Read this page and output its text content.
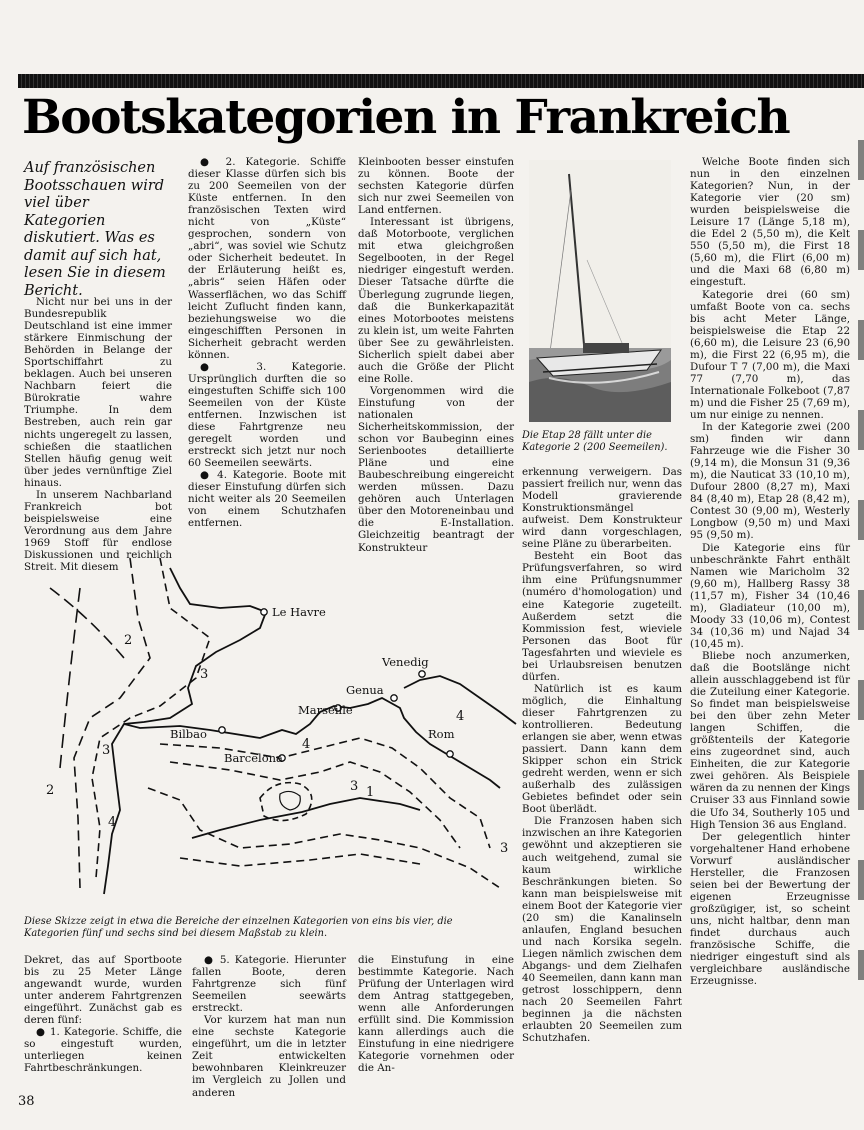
Bootskategorien in Frankreich

Auf französischen Bootsschauen wird viel über Kategorien diskutiert. Was es damit auf sich hat, lesen Sie in diesem Bericht.

Nicht nur bei uns in der Bundesrepublik Deutschland ist eine immer stärkere Einmischung der Behörden in Belange der Sportschiffahrt zu beklagen. Auch bei unseren Nachbarn feiert die Bürokratie wahre Triumphe. In dem Bestreben, auch rein gar nichts ungeregelt zu lassen, schießen die staatlichen Stellen häufig genug weit über jedes vernünftige Ziel hinaus.

In unserem Nachbarland Frankreich bot beispielsweise eine Verordnung aus dem Jahre 1969 Stoff für endlose Diskussionen und reichlich Streit. Mit diesem

● 2. Kategorie. Schiffe dieser Klasse dürfen sich bis zu 200 Seemeilen von der Küste entfernen. In den französischen Texten wird nicht von „Küste“ gesprochen, sondern von „abri“, was soviel wie Schutz oder Sicherheit bedeutet. In der Erläuterung heißt es, „abris“ seien Häfen oder Wasserflächen, wo das Schiff leicht Zuflucht finden kann, beziehungsweise wo die eingeschifften Personen in Sicherheit gebracht werden können.

● 3. Kategorie. Ursprünglich durften die so eingestuften Schiffe sich 100 Seemeilen von der Küste entfernen. Inzwischen ist diese Fahrtgrenze neu geregelt worden und erstreckt sich jetzt nur noch 60 Seemeilen seewärts.

● 4. Kategorie. Boote mit dieser Einstufung dürfen sich nicht weiter als 20 Seemeilen von einem Schutzhafen entfernen.

Kleinbooten besser einstufen zu können. Boote der sechsten Kategorie dürfen sich nur zwei Seemeilen von Land entfernen.

Interessant ist übrigens, daß Motorboote, verglichen mit etwa gleichgroßen Segelbooten, in der Regel niedriger eingestuft werden. Dieser Tatsache dürfte die Überlegung zugrunde liegen, daß die Bunkerkapazität eines Motorbootes meistens zu klein ist, um weite Fahrten über See zu gewährleisten. Sicherlich spielt dabei aber auch die Größe der Plicht eine Rolle.

Vorgenommen wird die Einstufung von der nationalen Sicherheitskommission, der schon vor Baubeginn eines Serienbootes detaillierte Pläne und eine Baubeschreibung eingereicht werden müssen. Dazu gehören auch Unterlagen über den Motoreneinbau und die E-Installation. Gleichzeitig beantragt der Konstrukteur

Die Etap 28 fällt unter die Kategorie 2 (200 Seemeilen).

erkennung verweigern. Das passiert freilich nur, wenn das Modell gravierende Konstruktionsmängel aufweist. Dem Konstrukteur wird dann vorgeschlagen, seine Pläne zu überarbeiten.

Besteht ein Boot das Prüfungsverfahren, so wird ihm eine Prüfungsnummer (numéro d'homologation) und eine Kategorie zugeteilt. Außerdem setzt die Kommission fest, wieviele Personen das Boot für Tagesfahrten und wieviele es bei Urlaubsreisen benutzen dürfen.

Natürlich ist es kaum möglich, die Einhaltung dieser Fahrtgrenzen zu kontrollieren. Bedeutung erlangen sie aber, wenn etwas passiert. Dann kann dem Skipper schon ein Strick gedreht werden, wenn er sich außerhalb des zulässigen Gebietes befindet oder sein Boot überlädt.

Die Franzosen haben sich inzwischen an ihre Kategorien gewöhnt und akzeptieren sie auch weitgehend, zumal sie kaum wirkliche Beschränkungen bieten. So kann man beispielsweise mit einem Boot der Kategorie vier (20 sm) die Kanalinseln anlaufen, England besuchen und nach Korsika segeln. Liegen nämlich zwischen dem Abgangs- und dem Zielhafen 40 Seemeilen, dann kann man getrost losschippern, denn nach 20 Seemeilen Fahrt beginnen ja die nächsten erlaubten 20 Seemeilen zum Schutzhafen.

Welche Boote finden sich nun in den einzelnen Kategorien? Nun, in der Kategorie vier (20 sm) wurden beispielsweise die Leisure 17 (Länge 5,18 m), die Edel 2 (5,50 m), die Kelt 550 (5,50 m), die First 18 (5,60 m), die Flirt (6,00 m) und die Maxi 68 (6,80 m) eingestuft.

Kategorie drei (60 sm) umfaßt Boote von ca. sechs bis acht Meter Länge, beispielsweise die Etap 22 (6,60 m), die Leisure 23 (6,90 m), die First 22 (6,95 m), die Dufour T 7 (7,00 m), die Maxi 77 (7,70 m), das Internationale Folkeboot (7,87 m) und die Fisher 25 (7,69 m), um nur einige zu nennen.

In der Kategorie zwei (200 sm) finden wir dann Fahrzeuge wie die Fisher 30 (9,14 m), die Monsun 31 (9,36 m), die Nauticat 33 (10,10 m), Dufour 2800 (8,27 m), Maxi 84 (8,40 m), Etap 28 (8,42 m), Contest 30 (9,00 m), Westerly Longbow (9,50 m) und Maxi 95 (9,50 m).

Die Kategorie eins für unbeschränkte Fahrt enthält Namen wie Maricholm 32 (9,60 m), Hallberg Rassy 38 (11,57 m), Fisher 34 (10,46 m), Gladiateur (10,00 m), Moody 33 (10,06 m), Contest 34 (10,36 m) und Najad 34 (10,45 m).

Bliebe noch anzumerken, daß die Bootslänge nicht allein ausschlaggebend ist für die Zuteilung einer Kategorie. So findet man beispielsweise bei den über zehn Meter langen Schiffen, die größtenteils der Kategorie eins zugeordnet sind, auch Einheiten, die zur Kategorie zwei gehören. Als Beispiele wären da zu nennen der Kings Cruiser 33 aus Finnland sowie die Ufo 34, Southerly 105 und High Tension 36 aus England.

Der gelegentlich hinter vorgehaltener Hand erhobene Vorwurf ausländischer Hersteller, die Franzosen seien bei der Bewertung der eigenen Erzeugnisse großzügiger, ist, so scheint uns, nicht haltbar, denn man findet durchaus auch französische Schiffe, die niedriger eingestuft sind als vergleichbare ausländische Erzeugnisse.

Le Havre
Venedig
Genua
Marseille
Bilbao
Barcelona
Rom
2
3
3
2
4
4
3
4
1
3
Diese Skizze zeigt in etwa die Bereiche der einzelnen Kategorien von eins bis vier, die Kategorien fünf und sechs sind bei diesem Maßstab zu klein.

Dekret, das auf Sportboote bis zu 25 Meter Länge angewandt wurde, wurden unter anderem Fahrtgrenzen eingeführt. Zunächst gab es deren fünf:

● 1. Kategorie. Schiffe, die so eingestuft wurden, unterliegen keinen Fahrtbeschränkungen.

● 5. Kategorie. Hierunter fallen Boote, deren Fahrtgrenze sich fünf Seemeilen seewärts erstreckt.

Vor kurzem hat man nun eine sechste Kategorie eingeführt, um die in letzter Zeit entwickelten bewohnbaren Kleinkreuzer im Vergleich zu Jollen und anderen

die Einstufung in eine bestimmte Kategorie. Nach Prüfung der Unterlagen wird dem Antrag stattgegeben, wenn alle Anforderungen erfüllt sind. Die Kommission kann allerdings auch die Einstufung in eine niedrigere Kategorie vornehmen oder die An-

38
